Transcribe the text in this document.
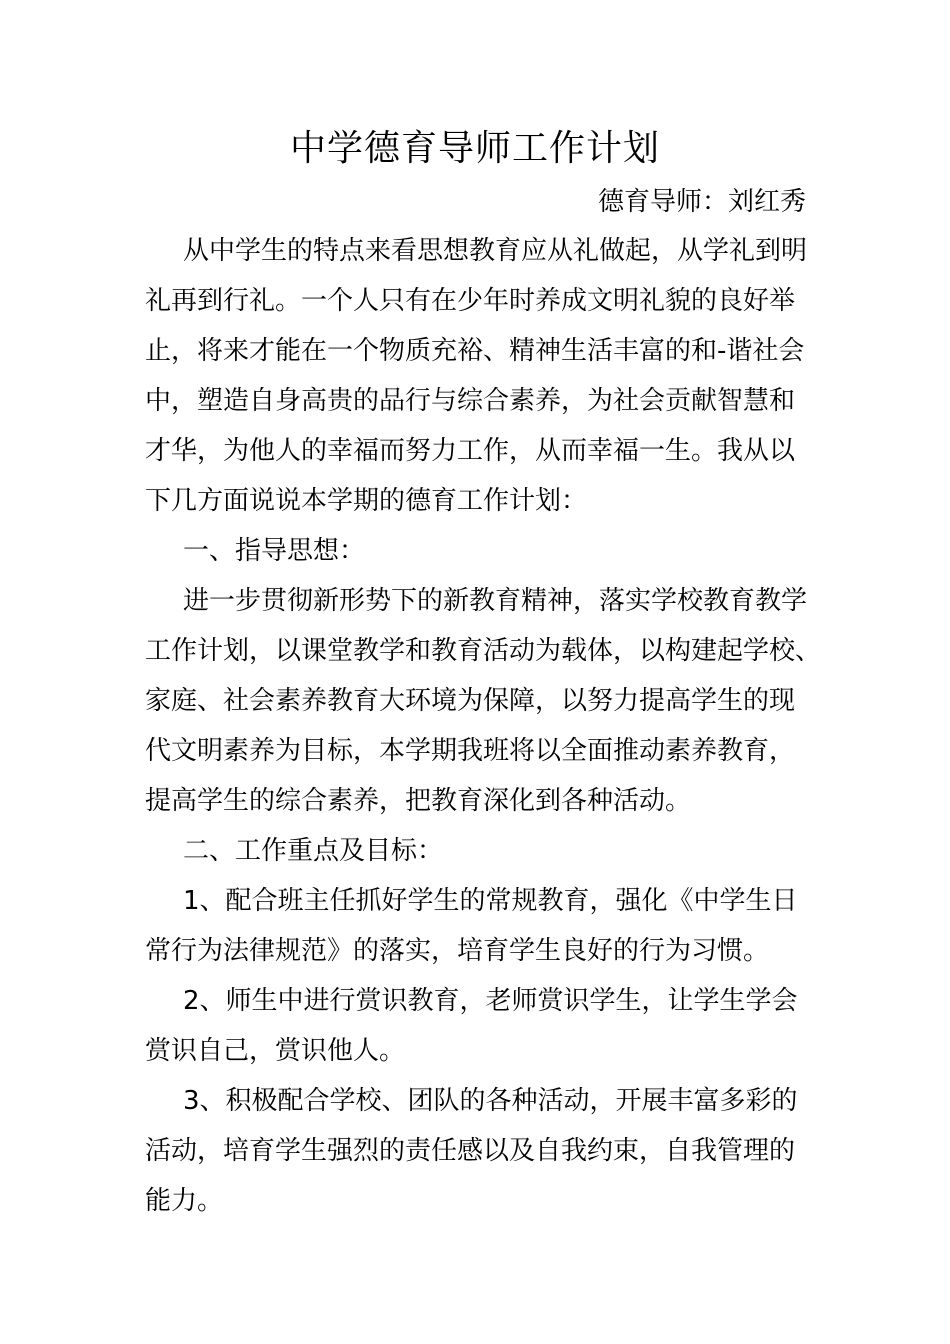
中学德育导师工作计划
德育导师：刘红秀
从中学生的特点来看思想教育应从礼做起，从学礼到明
礼再到行礼。一个人只有在少年时养成文明礼貌的良好举
止，将来才能在一个物质充裕、精神生活丰富的和-谐社会
中，塑造自身高贵的品行与综合素养，为社会贡献智慧和
才华，为他人的幸福而努力工作，从而幸福一生。我从以
下几方面说说本学期的德育工作计划：
一、指导思想：
进一步贯彻新形势下的新教育精神，落实学校教育教学
工作计划，以课堂教学和教育活动为载体，以构建起学校、
家庭、社会素养教育大环境为保障，以努力提高学生的现
代文明素养为目标，本学期我班将以全面推动素养教育，
提高学生的综合素养，把教育深化到各种活动。
二、工作重点及目标：
1、配合班主任抓好学生的常规教育，强化《中学生日
常行为法律规范》的落实，培育学生良好的行为习惯。
2、师生中进行赏识教育，老师赏识学生，让学生学会
赏识自己，赏识他人。
3、积极配合学校、团队的各种活动，开展丰富多彩的
活动，培育学生强烈的责任感以及自我约束，自我管理的
能力。
